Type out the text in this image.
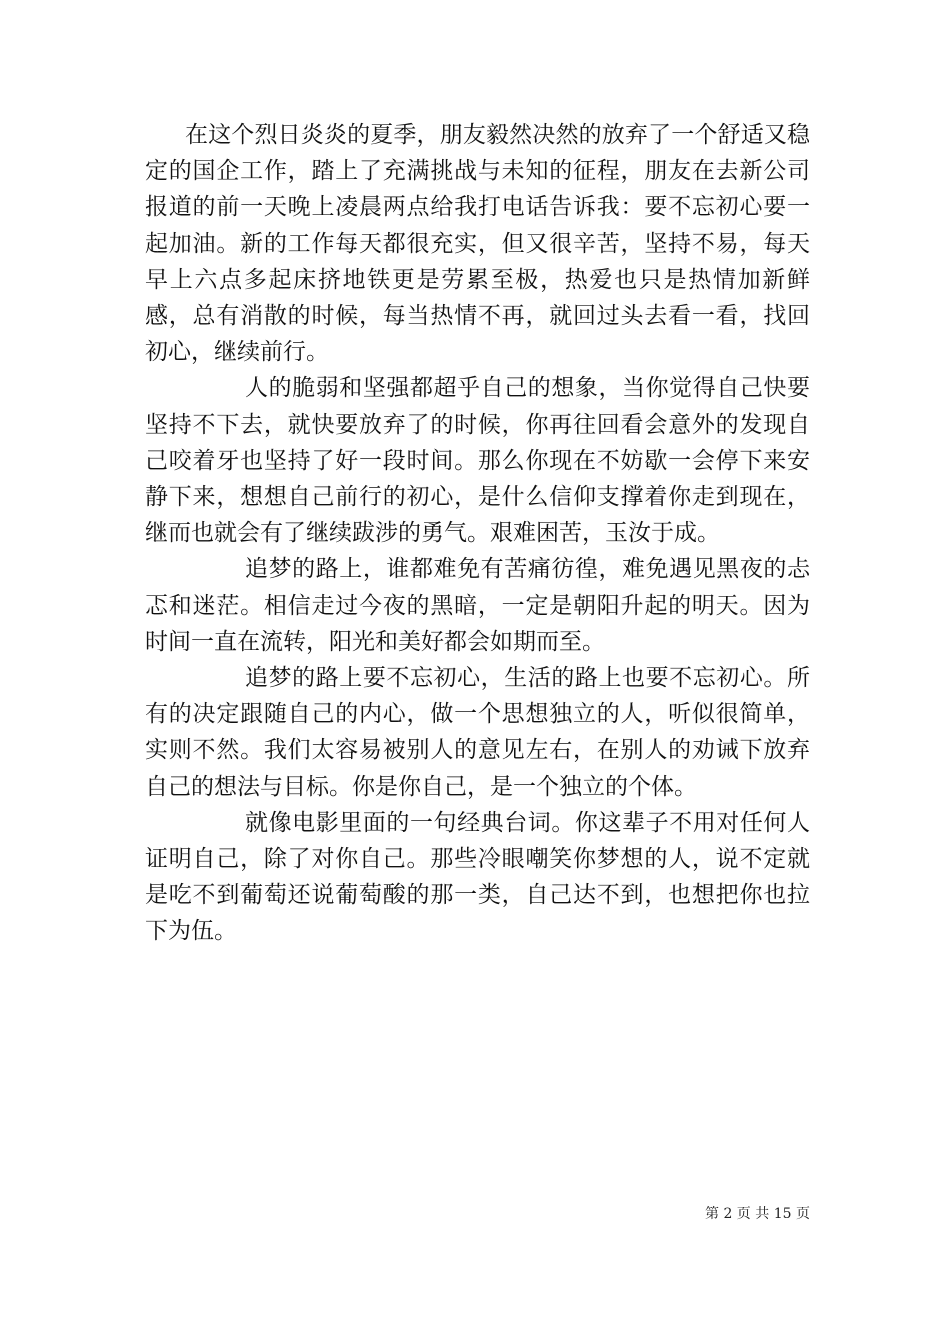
在这个烈日炎炎的夏季，朋友毅然决然的放弃了一个舒适又稳定的国企工作，踏上了充满挑战与未知的征程，朋友在去新公司报道的前一天晚上凌晨两点给我打电话告诉我：要不忘初心要一起加油。新的工作每天都很充实，但又很辛苦，坚持不易，每天早上六点多起床挤地铁更是劳累至极，热爱也只是热情加新鲜感，总有消散的时候，每当热情不再，就回过头去看一看，找回初心，继续前行。

人的脆弱和坚强都超乎自己的想象，当你觉得自己快要坚持不下去，就快要放弃了的时候，你再往回看会意外的发现自己咬着牙也坚持了好一段时间。那么你现在不妨歇一会停下来安静下来，想想自己前行的初心，是什么信仰支撑着你走到现在，继而也就会有了继续跋涉的勇气。艰难困苦，玉汝于成。

追梦的路上，谁都难免有苦痛彷徨，难免遇见黑夜的忐忑和迷茫。相信走过今夜的黑暗，一定是朝阳升起的明天。因为时间一直在流转，阳光和美好都会如期而至。

追梦的路上要不忘初心，生活的路上也要不忘初心。所有的决定跟随自己的内心，做一个思想独立的人，听似很简单，实则不然。我们太容易被别人的意见左右，在别人的劝诫下放弃自己的想法与目标。你是你自己，是一个独立的个体。

就像电影里面的一句经典台词。你这辈子不用对任何人证明自己，除了对你自己。那些冷眼嘲笑你梦想的人，说不定就是吃不到葡萄还说葡萄酸的那一类，自己达不到，也想把你也拉下为伍。

第 2 页 共 15 页
